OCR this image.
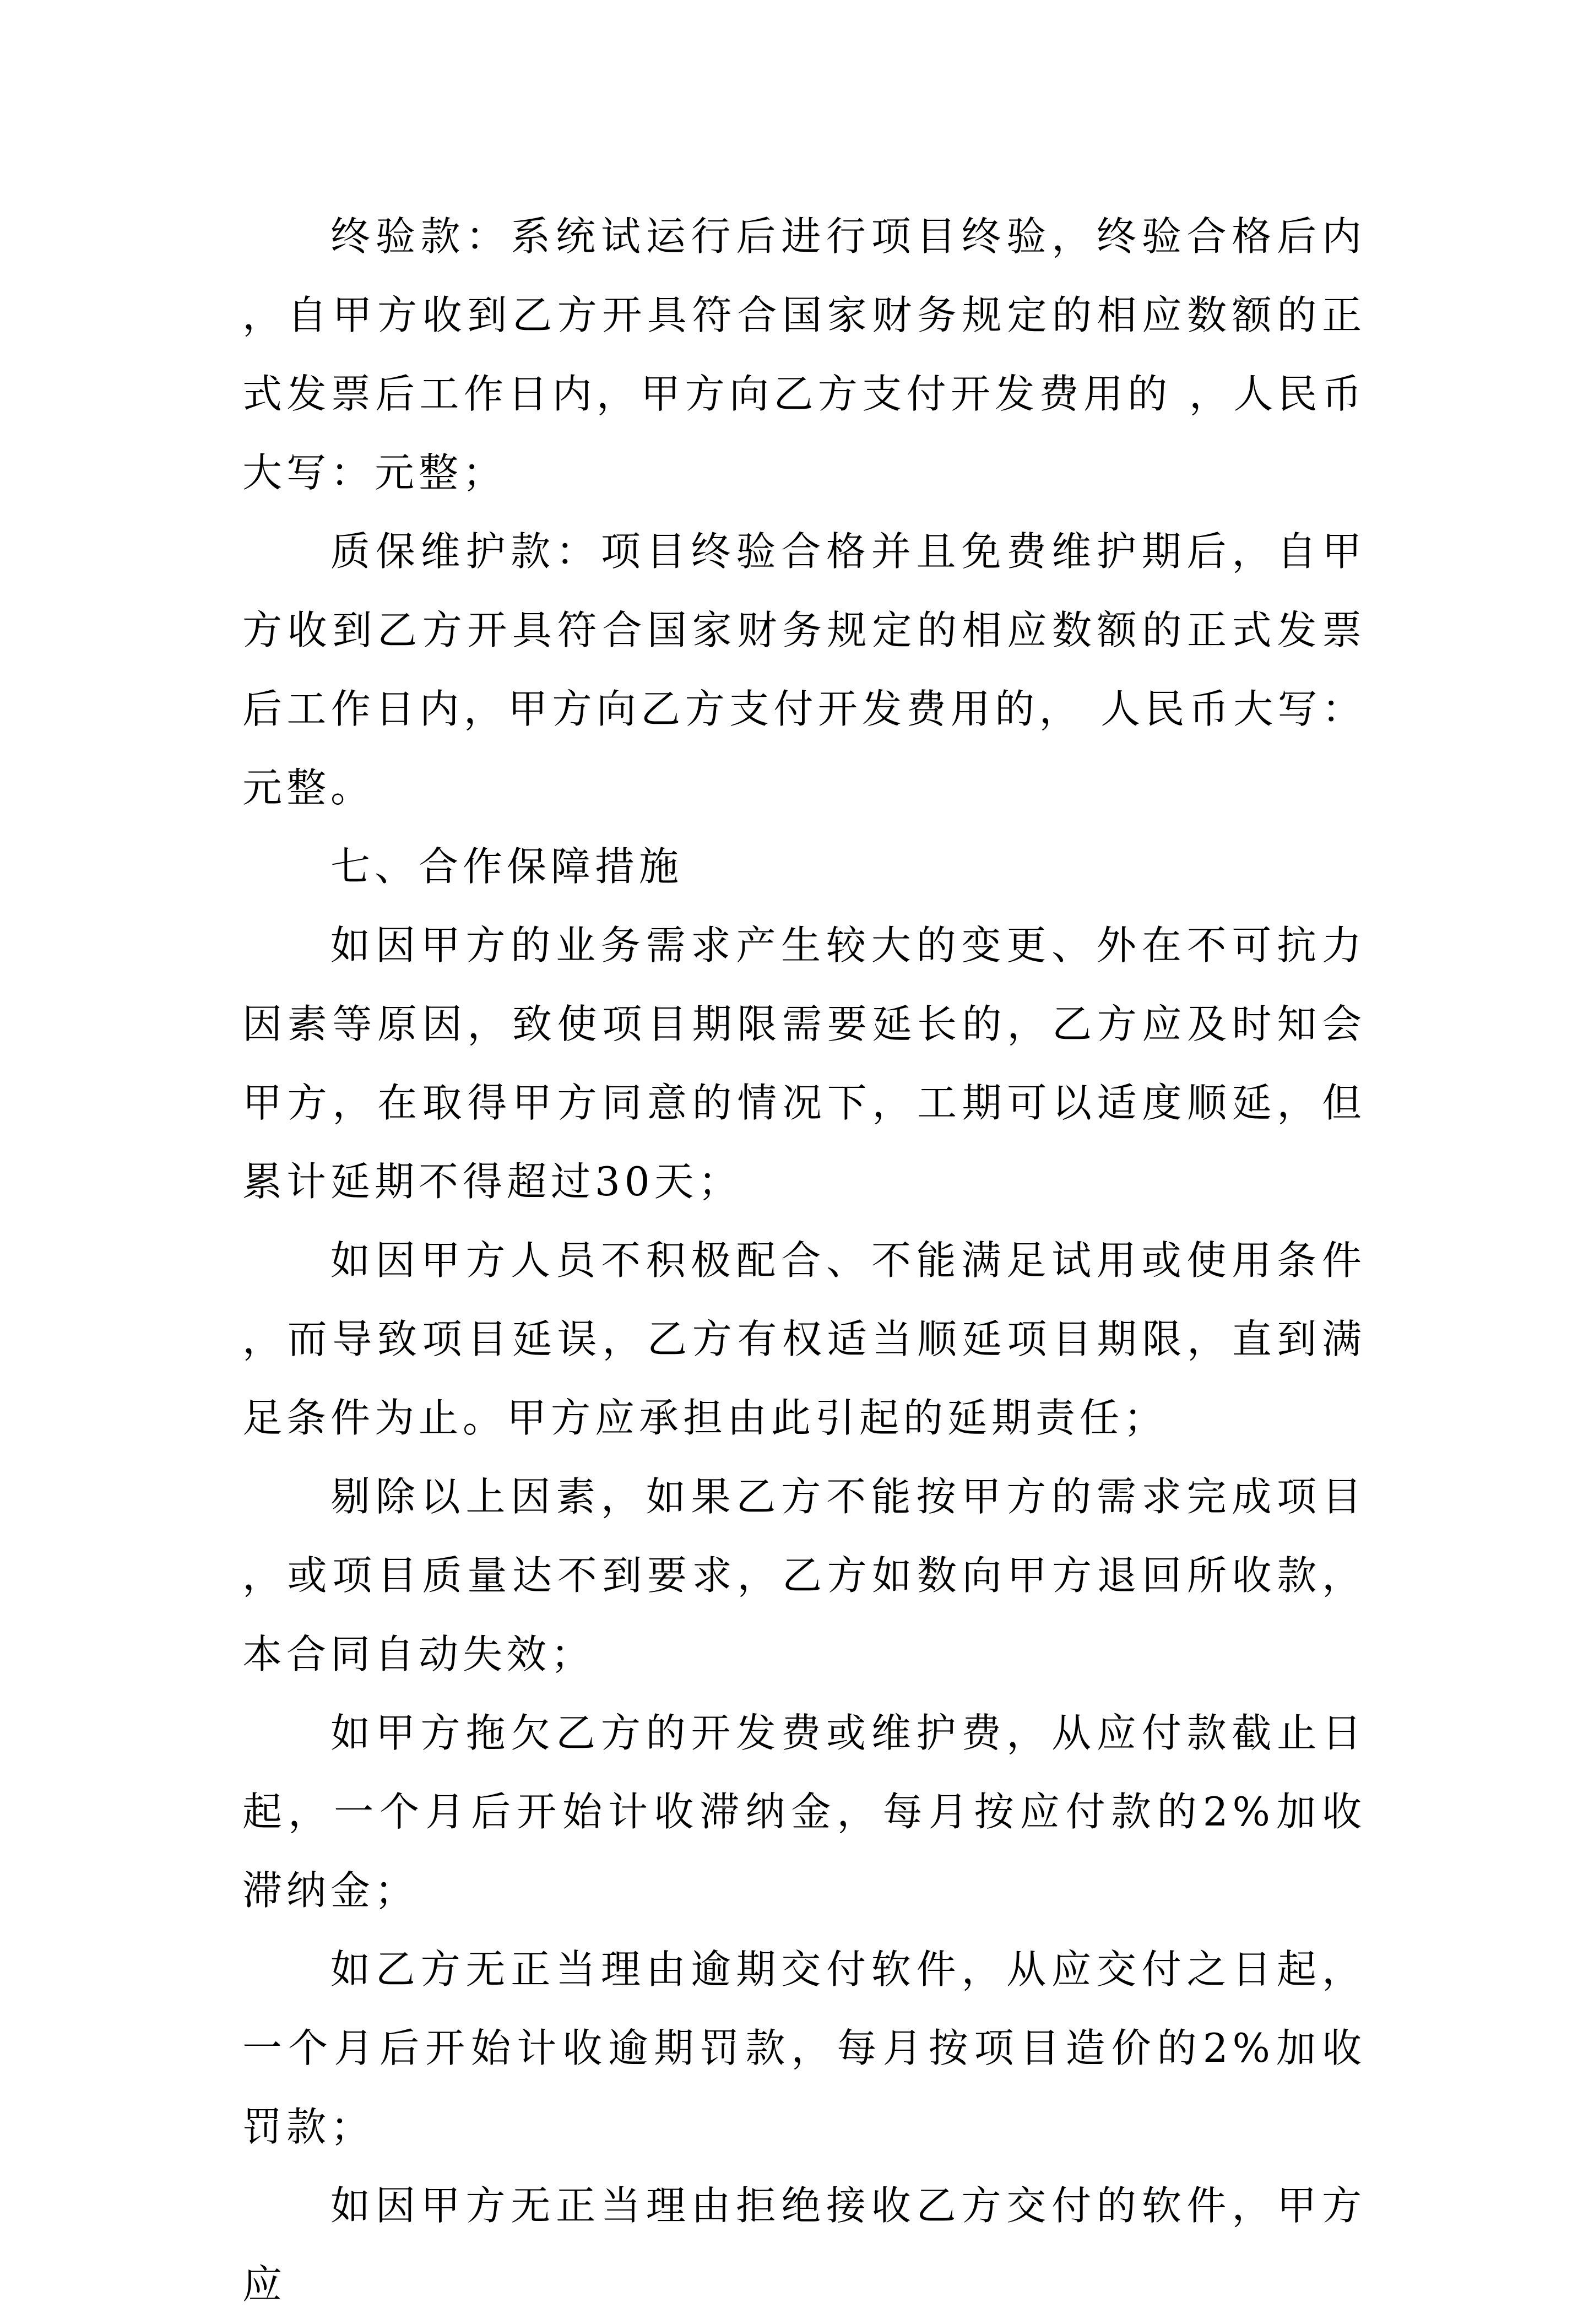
终验款：系统试运行后进行项目终验，终验合格后内，自甲方收到乙方开具符合国家财务规定的相应数额的正式发票后工作日内，甲方向乙方支付开发费用的 ，人民币大写：元整；

质保维护款：项目终验合格并且免费维护期后，自甲方收到乙方开具符合国家财务规定的相应数额的正式发票后工作日内，甲方向乙方支付开发费用的， 人民币大写：元整。

七、合作保障措施

如因甲方的业务需求产生较大的变更、外在不可抗力因素等原因，致使项目期限需要延长的，乙方应及时知会甲方，在取得甲方同意的情况下，工期可以适度顺延，但累计延期不得超过30天；

如因甲方人员不积极配合、不能满足试用或使用条件，而导致项目延误，乙方有权适当顺延项目期限，直到满足条件为止。甲方应承担由此引起的延期责任；

剔除以上因素，如果乙方不能按甲方的需求完成项目，或项目质量达不到要求，乙方如数向甲方退回所收款，本合同自动失效；

如甲方拖欠乙方的开发费或维护费，从应付款截止日起，一个月后开始计收滞纳金，每月按应付款的2%加收滞纳金；

如乙方无正当理由逾期交付软件，从应交付之日起，一个月后开始计收逾期罚款，每月按项目造价的2%加收罚款；

如因甲方无正当理由拒绝接收乙方交付的软件，甲方应
